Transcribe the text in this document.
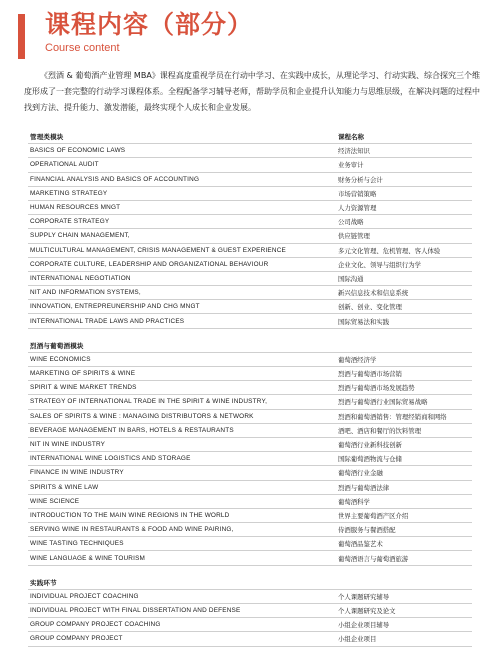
课程内容（部分）
Course content

《烈酒 & 葡萄酒产业管理 MBA》课程高度重视学员在行动中学习、在实践中成长，从理论学习、行动实践、综合探究三个维度形成了一套完整的行动学习课程体系。全程配备学习辅导老师，帮助学员和企业提升认知能力与思维层级，在解决问题的过程中找到方法、提升能力、激发潜能，最终实现个人成长和企业发展。

管理类模块	课程名称
BASICS OF ECONOMIC LAWS	经济法知识
OPERATIONAL AUDIT	业务审计
FINANCIAL ANALYSIS AND BASICS OF ACCOUNTING	财务分析与会计
MARKETING STRATEGY	市场营销策略
HUMAN RESOURCES MNGT	人力资源管理
CORPORATE STRATEGY	公司战略
SUPPLY CHAIN MANAGEMENT,	供应链管理
MULTICULTURAL MANAGEMENT, CRISIS MANAGEMENT & GUEST EXPERIENCE	多元文化管理、危机管理、客人体验
CORPORATE CULTURE, LEADERSHIP AND ORGANIZATIONAL BEHAVIOUR	企业文化、领导与组织行为学
INTERNATIONAL NEGOTIATION	国际沟通
NIT AND INFORMATION SYSTEMS,	新兴信息技术和信息系统
INNOVATION, ENTREPREUNERSHIP AND CHG MNGT	创新、创业、变化管理
INTERNATIONAL TRADE LAWS AND PRACTICES	国际贸易法和实践
烈酒与葡萄酒模块
WINE ECONOMICS	葡萄酒经济学
MARKETING OF SPIRITS & WINE	烈酒与葡萄酒市场营销
SPIRIT & WINE MARKET TRENDS	烈酒与葡萄酒市场发展趋势
STRATEGY OF INTERNATIONAL TRADE IN THE SPIRIT & WINE INDUSTRY,	烈酒与葡萄酒行业国际贸易战略
SALES OF SPIRITS & WINE : MANAGING DISTRIBUTORS & NETWORK	烈酒和葡萄酒销售：管理经销商和网络
BEVERAGE MANAGEMENT IN BARS, HOTELS & RESTAURANTS	酒吧、酒店和餐厅的饮料管理
NIT IN WINE INDUSTRY	葡萄酒行业新科技创新
INTERNATIONAL WINE LOGISTICS AND STORAGE	国际葡萄酒物流与仓储
FINANCE IN WINE INDUSTRY	葡萄酒行业金融
SPIRITS & WINE LAW	烈酒与葡萄酒法律
WINE SCIENCE	葡萄酒科学
INTRODUCTION TO THE MAIN WINE REGIONS IN THE WORLD	世界主要葡萄酒产区介绍
SERVING WINE IN RESTAURANTS & FOOD AND WINE PAIRING,	侍酒服务与餐酒搭配
WINE TASTING TECHNIQUES	葡萄酒品鉴艺术
WINE LANGUAGE & WINE TOURISM	葡萄酒语言与葡萄酒旅游
实践环节
INDIVIDUAL PROJECT COACHING	个人课题研究辅导
INDIVIDUAL PROJECT WITH FINAL DISSERTATION AND DEFENSE	个人课题研究及论文
GROUP COMPANY PROJECT COACHING	小组企业项目辅导
GROUP COMPANY PROJECT	小组企业项目
